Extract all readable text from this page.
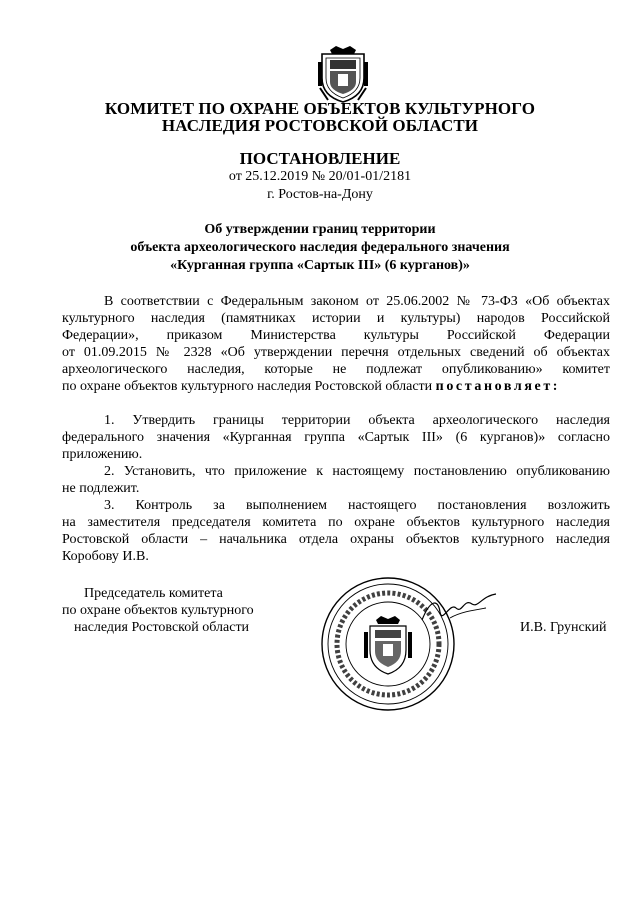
КОМИТЕТ ПО ОХРАНЕ ОБЪЕКТОВ КУЛЬТУРНОГО
НАСЛЕДИЯ РОСТОВСКОЙ ОБЛАСТИ
ПОСТАНОВЛЕНИЕ
от 25.12.2019 № 20/01-01/2181
г. Ростов-на-Дону
Об утверждении границ территории
объекта археологического наследия федерального значения
«Курганная группа «Сартык III» (6 курганов)»
В соответствии с Федеральным законом от 25.06.2002 № 73-ФЗ «Об объектах
культурного наследия (памятниках истории и культуры) народов Российской
Федерации», приказом Министерства культуры Российской Федерации
от 01.09.2015 № 2328 «Об утверждении перечня отдельных сведений об объектах
археологического наследия, которые не подлежат опубликованию» комитет
по охране объектов культурного наследия Ростовской области постановляет:
1. Утвердить границы территории объекта археологического наследия
федерального значения «Курганная группа «Сартык III» (6 курганов)» согласно
приложению.
2. Установить, что приложение к настоящему постановлению опубликованию
не подлежит.
3. Контроль за выполнением настоящего постановления возложить
на заместителя председателя комитета по охране объектов культурного наследия
Ростовской области – начальника отдела охраны объектов культурного наследия
Коробову И.В.
Председатель комитета
по охране объектов культурного
наследия Ростовской области	И.В. Грунский
